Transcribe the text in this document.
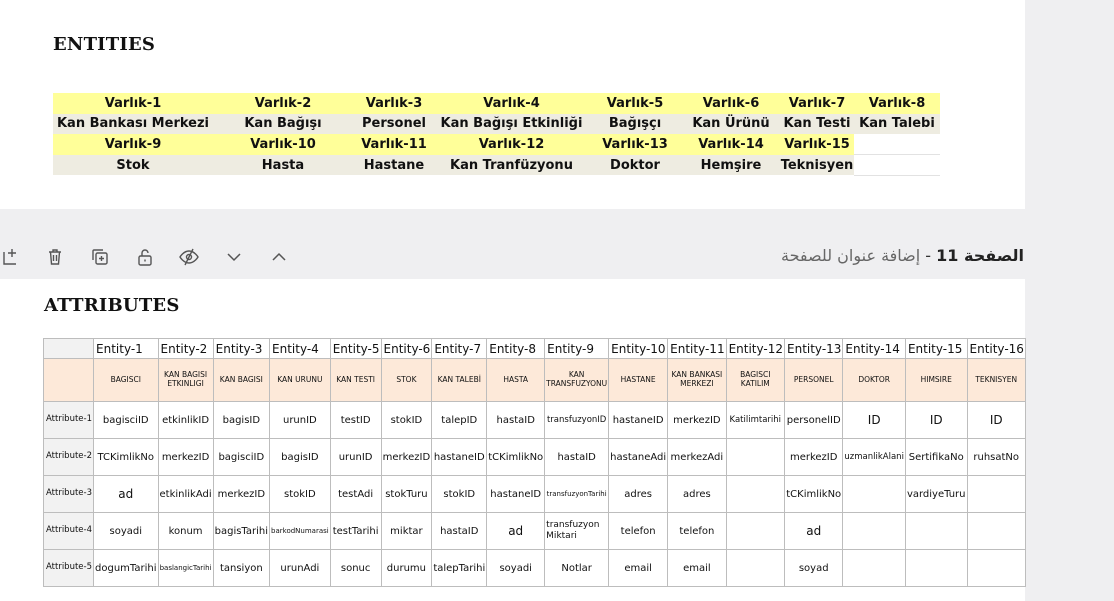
ENTITIES
Varlık-1	Varlık-2	Varlık-3	Varlık-4	Varlık-5	Varlık-6	Varlık-7	Varlık-8
Kan Bankası Merkezi	Kan Bağışı	Personel	Kan Bağışı Etkinliği	Bağışçı	Kan Ürünü	Kan Testi	Kan Talebi
Varlık-9	Varlık-10	Varlık-11	Varlık-12	Varlık-13	Varlık-14	Varlık-15	
Stok	Hasta	Hastane	Kan Tranfüzyonu	Doktor	Hemşire	Teknisyen	
الصفحة 11 - إضافة عنوان للصفحة
ATTRIBUTES
	Entity-1	Entity-2	Entity-3	Entity-4	Entity-5	Entity-6	Entity-7	Entity-8	Entity-9	Entity-10	Entity-11	Entity-12	Entity-13	Entity-14	Entity-15	Entity-16
	BAGISCI	KAN BAGISI ETKINLIGI	KAN BAGISI	KAN URUNU	KAN TESTI	STOK	KAN TALEBİ	HASTA	KAN TRANSFUZYONU	HASTANE	KAN BANKASI MERKEZI	BAGISCI KATILIM	PERSONEL	DOKTOR	HIMSIRE	TEKNISYEN
Attribute-1	bagisciID	etkinlikID	bagisID	urunID	testID	stokID	talepID	hastaID	transfuzyonID	hastaneID	merkezID	Katilimtarihi	personelID	ID	ID	ID
Attribute-2	TCKimlikNo	merkezID	bagisciID	bagisID	urunID	merkezID	hastaneID	tCKimlikNo	hastaID	hastaneAdi	merkezAdi		merkezID	uzmanlikAlani	SertifikaNo	ruhsatNo
Attribute-3	ad	etkinlikAdi	merkezID	stokID	testAdi	stokTuru	stokID	hastaneID	transfuzyonTarihi	adres	adres		tCKimlikNo		vardiyeTuru	
Attribute-4	soyadi	konum	bagisTarihi	barkodNumarasi	testTarihi	miktar	hastaID	ad	transfuzyon Miktari	telefon	telefon		ad			
Attribute-5	dogumTarihi	baslangicTarihi	tansiyon	urunAdi	sonuc	durumu	talepTarihi	soyadi	Notlar	email	email		soyad			
